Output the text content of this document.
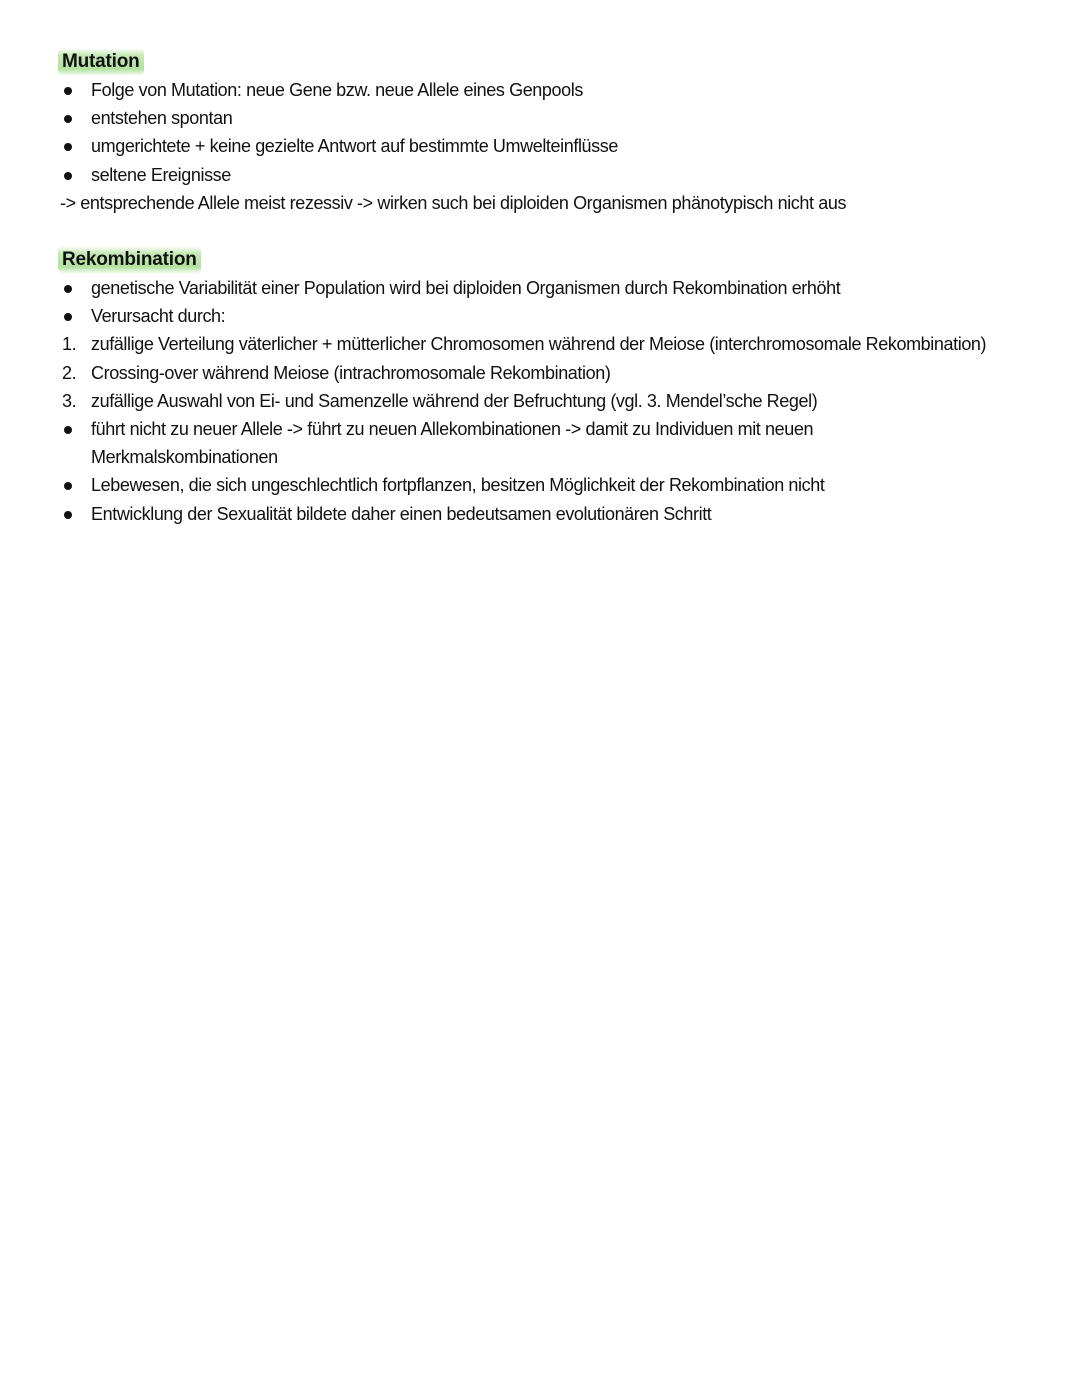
Mutation
Folge von Mutation: neue Gene bzw. neue Allele eines Genpools
entstehen spontan
umgerichtete + keine gezielte Antwort auf bestimmte Umwelteinflüsse
seltene Ereignisse
-> entsprechende Allele meist rezessiv -> wirken such bei diploiden Organismen phänotypisch nicht aus
Rekombination
genetische Variabilität einer Population wird bei diploiden Organismen durch Rekombination erhöht
Verursacht durch:
1. zufällige Verteilung väterlicher + mütterlicher Chromosomen während der Meiose (interchromosomale Rekombination)
2. Crossing-over während Meiose (intrachromosomale Rekombination)
3. zufällige Auswahl von Ei- und Samenzelle während der Befruchtung (vgl. 3. Mendel’sche Regel)
führt nicht zu neuer Allele -> führt zu neuen Allekombinationen -> damit zu Individuen mit neuen
Merkmalskombinationen
Lebewesen, die sich ungeschlechtlich fortpflanzen, besitzen Möglichkeit der Rekombination nicht
Entwicklung der Sexualität bildete daher einen bedeutsamen evolutionären Schritt
